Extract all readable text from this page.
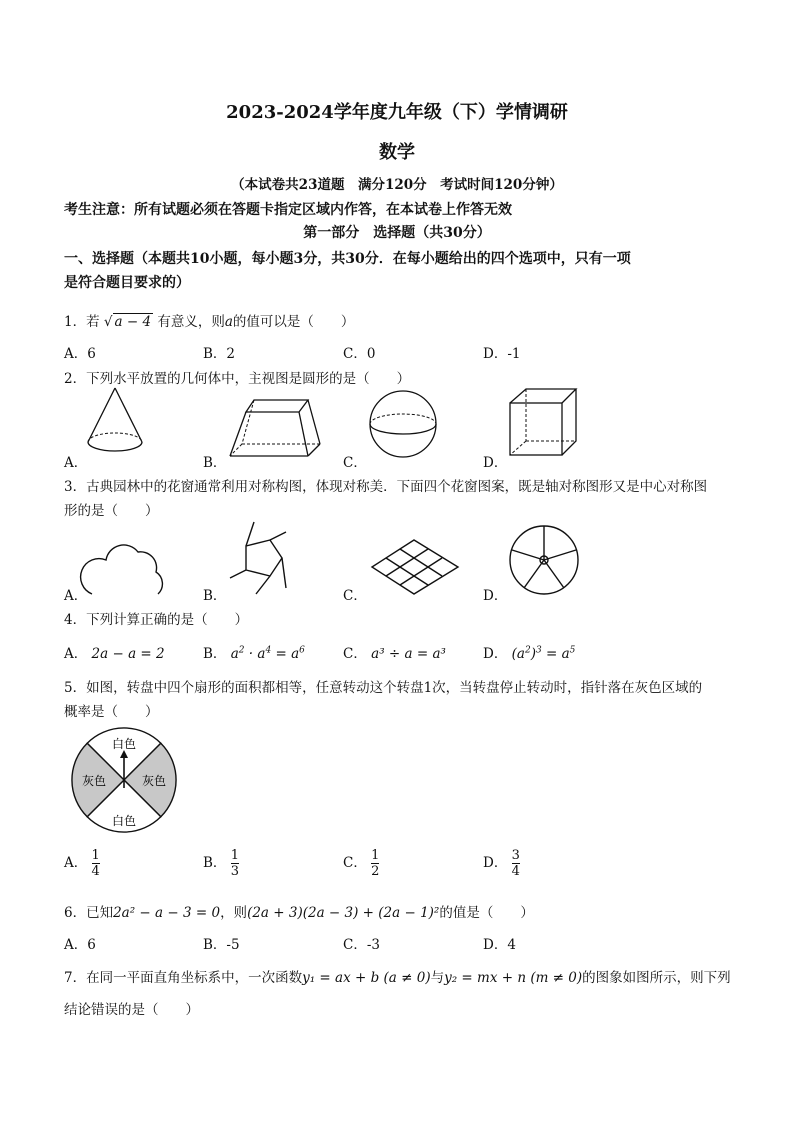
2023-2024学年度九年级（下）学情调研
数学
（本试卷共23道题　满分120分　考试时间120分钟）
考生注意：所有试题必须在答题卡指定区域内作答，在本试卷上作答无效
第一部分　选择题（共30分）
一、选择题（本题共10小题，每小题3分，共30分．在每小题给出的四个选项中，只有一项
是符合题目要求的）
1．若 √ a − 4 有意义，则a的值可以是（　　）
A．6	B．2	C．0	D．-1
2．下列水平放置的几何体中，主视图是圆形的是（　　）
A．	B．	C．	D．
3．古典园林中的花窗通常利用对称构图，体现对称美．下面四个花窗图案，既是轴对称图形又是中心对称图
形的是（　　）
A．	B．	C．	D．
4．下列计算正确的是（　　）
A． 2a − a = 2	B． $a^2 \cdot a^4 = a^6$	C． a³ ÷ a = a³	D． $(a^2)^3 = a^5$
5．如图，转盘中四个扇形的面积都相等，任意转动这个转盘1次，当转盘停止转动时，指针落在灰色区域的
概率是（　　）
白色
白色
灰色	灰色
A． $\frac{1}{4}$	B． $\frac{1}{3}$	C． $\frac{1}{2}$	D． $\frac{3}{4}$
6．已知2a² − a − 3 = 0，则(2a + 3)(2a − 3) + (2a − 1)²的值是（　　）
A．6	B．-5	C．-3	D．4
7．在同一平面直角坐标系中，一次函数y₁ = ax + b (a ≠ 0)与y₂ = mx + n (m ≠ 0)的图象如图所示，则下列
结论错误的是（　　）
